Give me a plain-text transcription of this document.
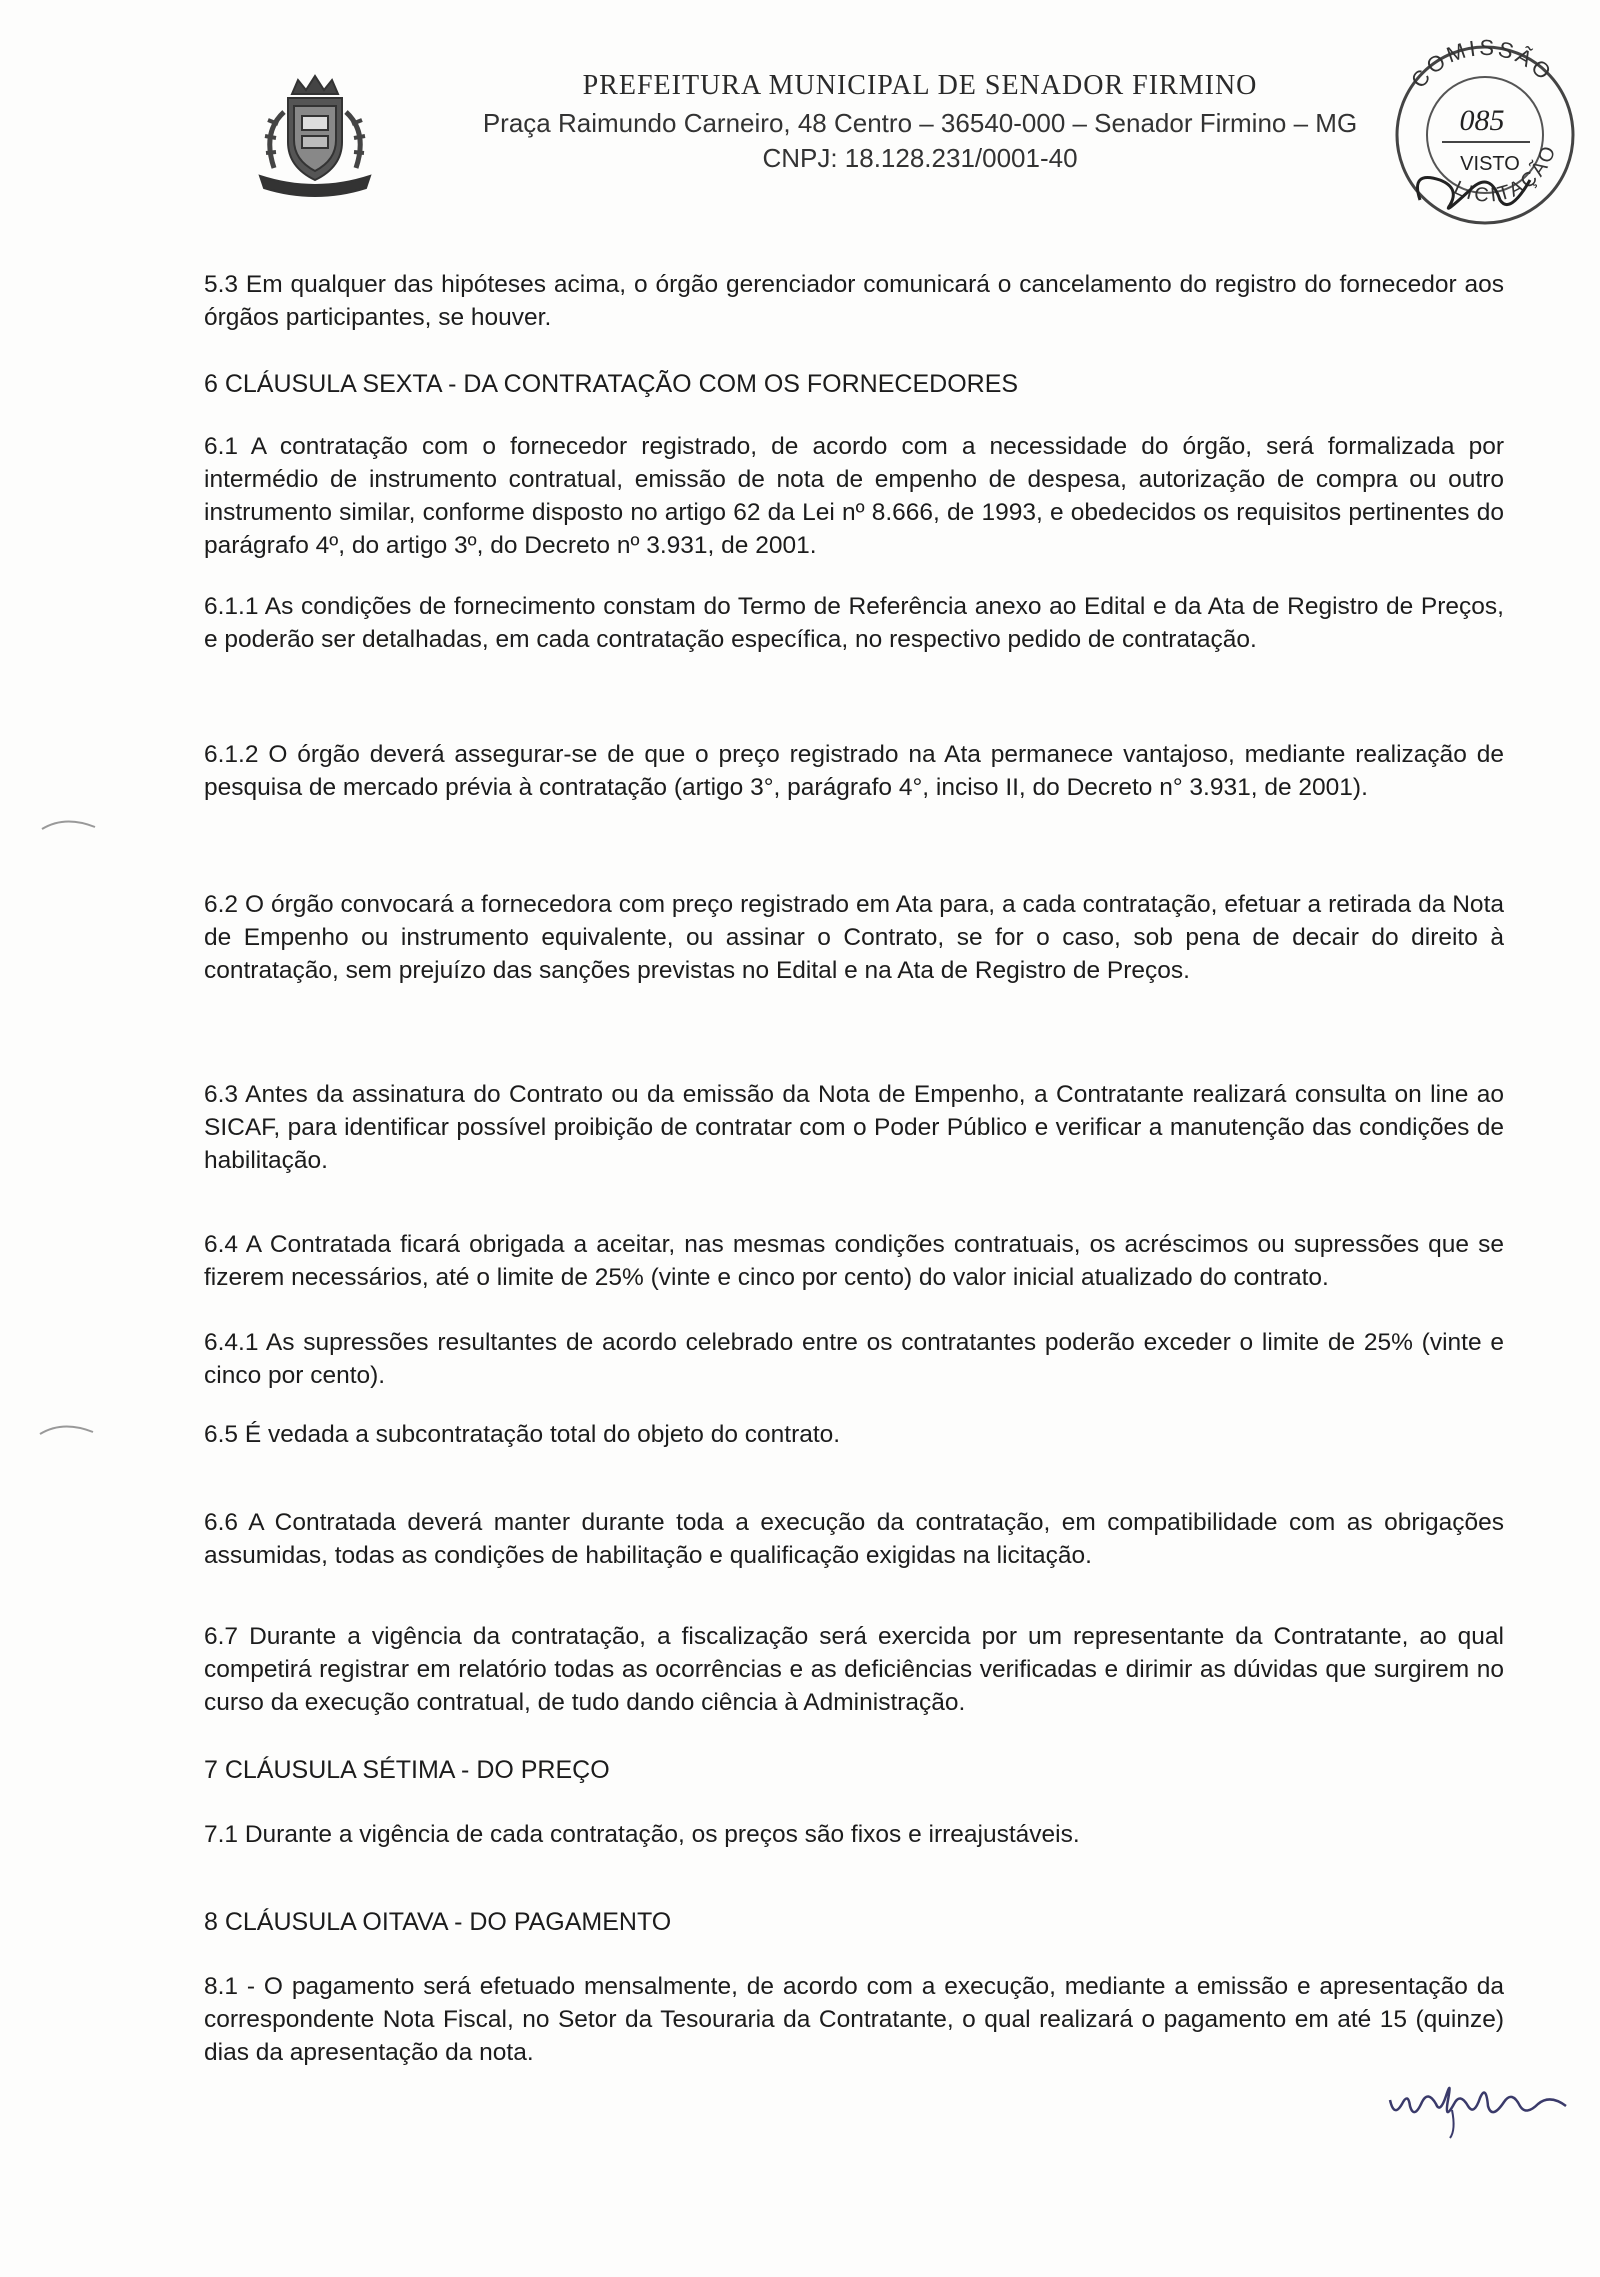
PREFEITURA MUNICIPAL DE SENADOR FIRMINO

Praça Raimundo Carneiro, 48 Centro – 36540-000 – Senador Firmino – MG

CNPJ: 18.128.231/0001-40

COMISSÃO
LICITAÇÃO
085
VISTO

5.3 Em qualquer das hipóteses acima, o órgão gerenciador comunicará o cancelamento do registro do fornecedor aos órgãos participantes, se houver.

6 CLÁUSULA SEXTA - DA CONTRATAÇÃO COM OS FORNECEDORES

6.1 A contratação com o fornecedor registrado, de acordo com a necessidade do órgão, será formalizada por intermédio de instrumento contratual, emissão de nota de empenho de despesa, autorização de compra ou outro instrumento similar, conforme disposto no artigo 62 da Lei nº 8.666, de 1993, e obedecidos os requisitos pertinentes do parágrafo 4º, do artigo 3º, do Decreto nº 3.931, de 2001.

6.1.1 As condições de fornecimento constam do Termo de Referência anexo ao Edital e da Ata de Registro de Preços, e poderão ser detalhadas, em cada contratação específica, no respectivo pedido de contratação.

6.1.2 O órgão deverá assegurar-se de que o preço registrado na Ata permanece vantajoso, mediante realização de pesquisa de mercado prévia à contratação (artigo 3°, parágrafo 4°, inciso II, do Decreto n° 3.931, de 2001).

6.2 O órgão convocará a fornecedora com preço registrado em Ata para, a cada contratação, efetuar a retirada da Nota de Empenho ou instrumento equivalente, ou assinar o Contrato, se for o caso, sob pena de decair do direito à contratação, sem prejuízo das sanções previstas no Edital e na Ata de Registro de Preços.

6.3 Antes da assinatura do Contrato ou da emissão da Nota de Empenho, a Contratante realizará consulta on line ao SICAF, para identificar possível proibição de contratar com o Poder Público e verificar a manutenção das condições de habilitação.

6.4 A Contratada ficará obrigada a aceitar, nas mesmas condições contratuais, os acréscimos ou supressões que se fizerem necessários, até o limite de 25% (vinte e cinco por cento) do valor inicial atualizado do contrato.

6.4.1 As supressões resultantes de acordo celebrado entre os contratantes poderão exceder o limite de 25% (vinte e cinco por cento).

6.5 É vedada a subcontratação total do objeto do contrato.

6.6 A Contratada deverá manter durante toda a execução da contratação, em compatibilidade com as obrigações assumidas, todas as condições de habilitação e qualificação exigidas na licitação.

6.7 Durante a vigência da contratação, a fiscalização será exercida por um representante da Contratante, ao qual competirá registrar em relatório todas as ocorrências e as deficiências verificadas e dirimir as dúvidas que surgirem no curso da execução contratual, de tudo dando ciência à Administração.

7 CLÁUSULA SÉTIMA - DO PREÇO

7.1 Durante a vigência de cada contratação, os preços são fixos e irreajustáveis.

8 CLÁUSULA OITAVA - DO PAGAMENTO

8.1 - O pagamento será efetuado mensalmente, de acordo com a execução, mediante a emissão e apresentação da correspondente Nota Fiscal, no Setor da Tesouraria da Contratante, o qual realizará o pagamento em até 15 (quinze) dias da apresentação da nota.
